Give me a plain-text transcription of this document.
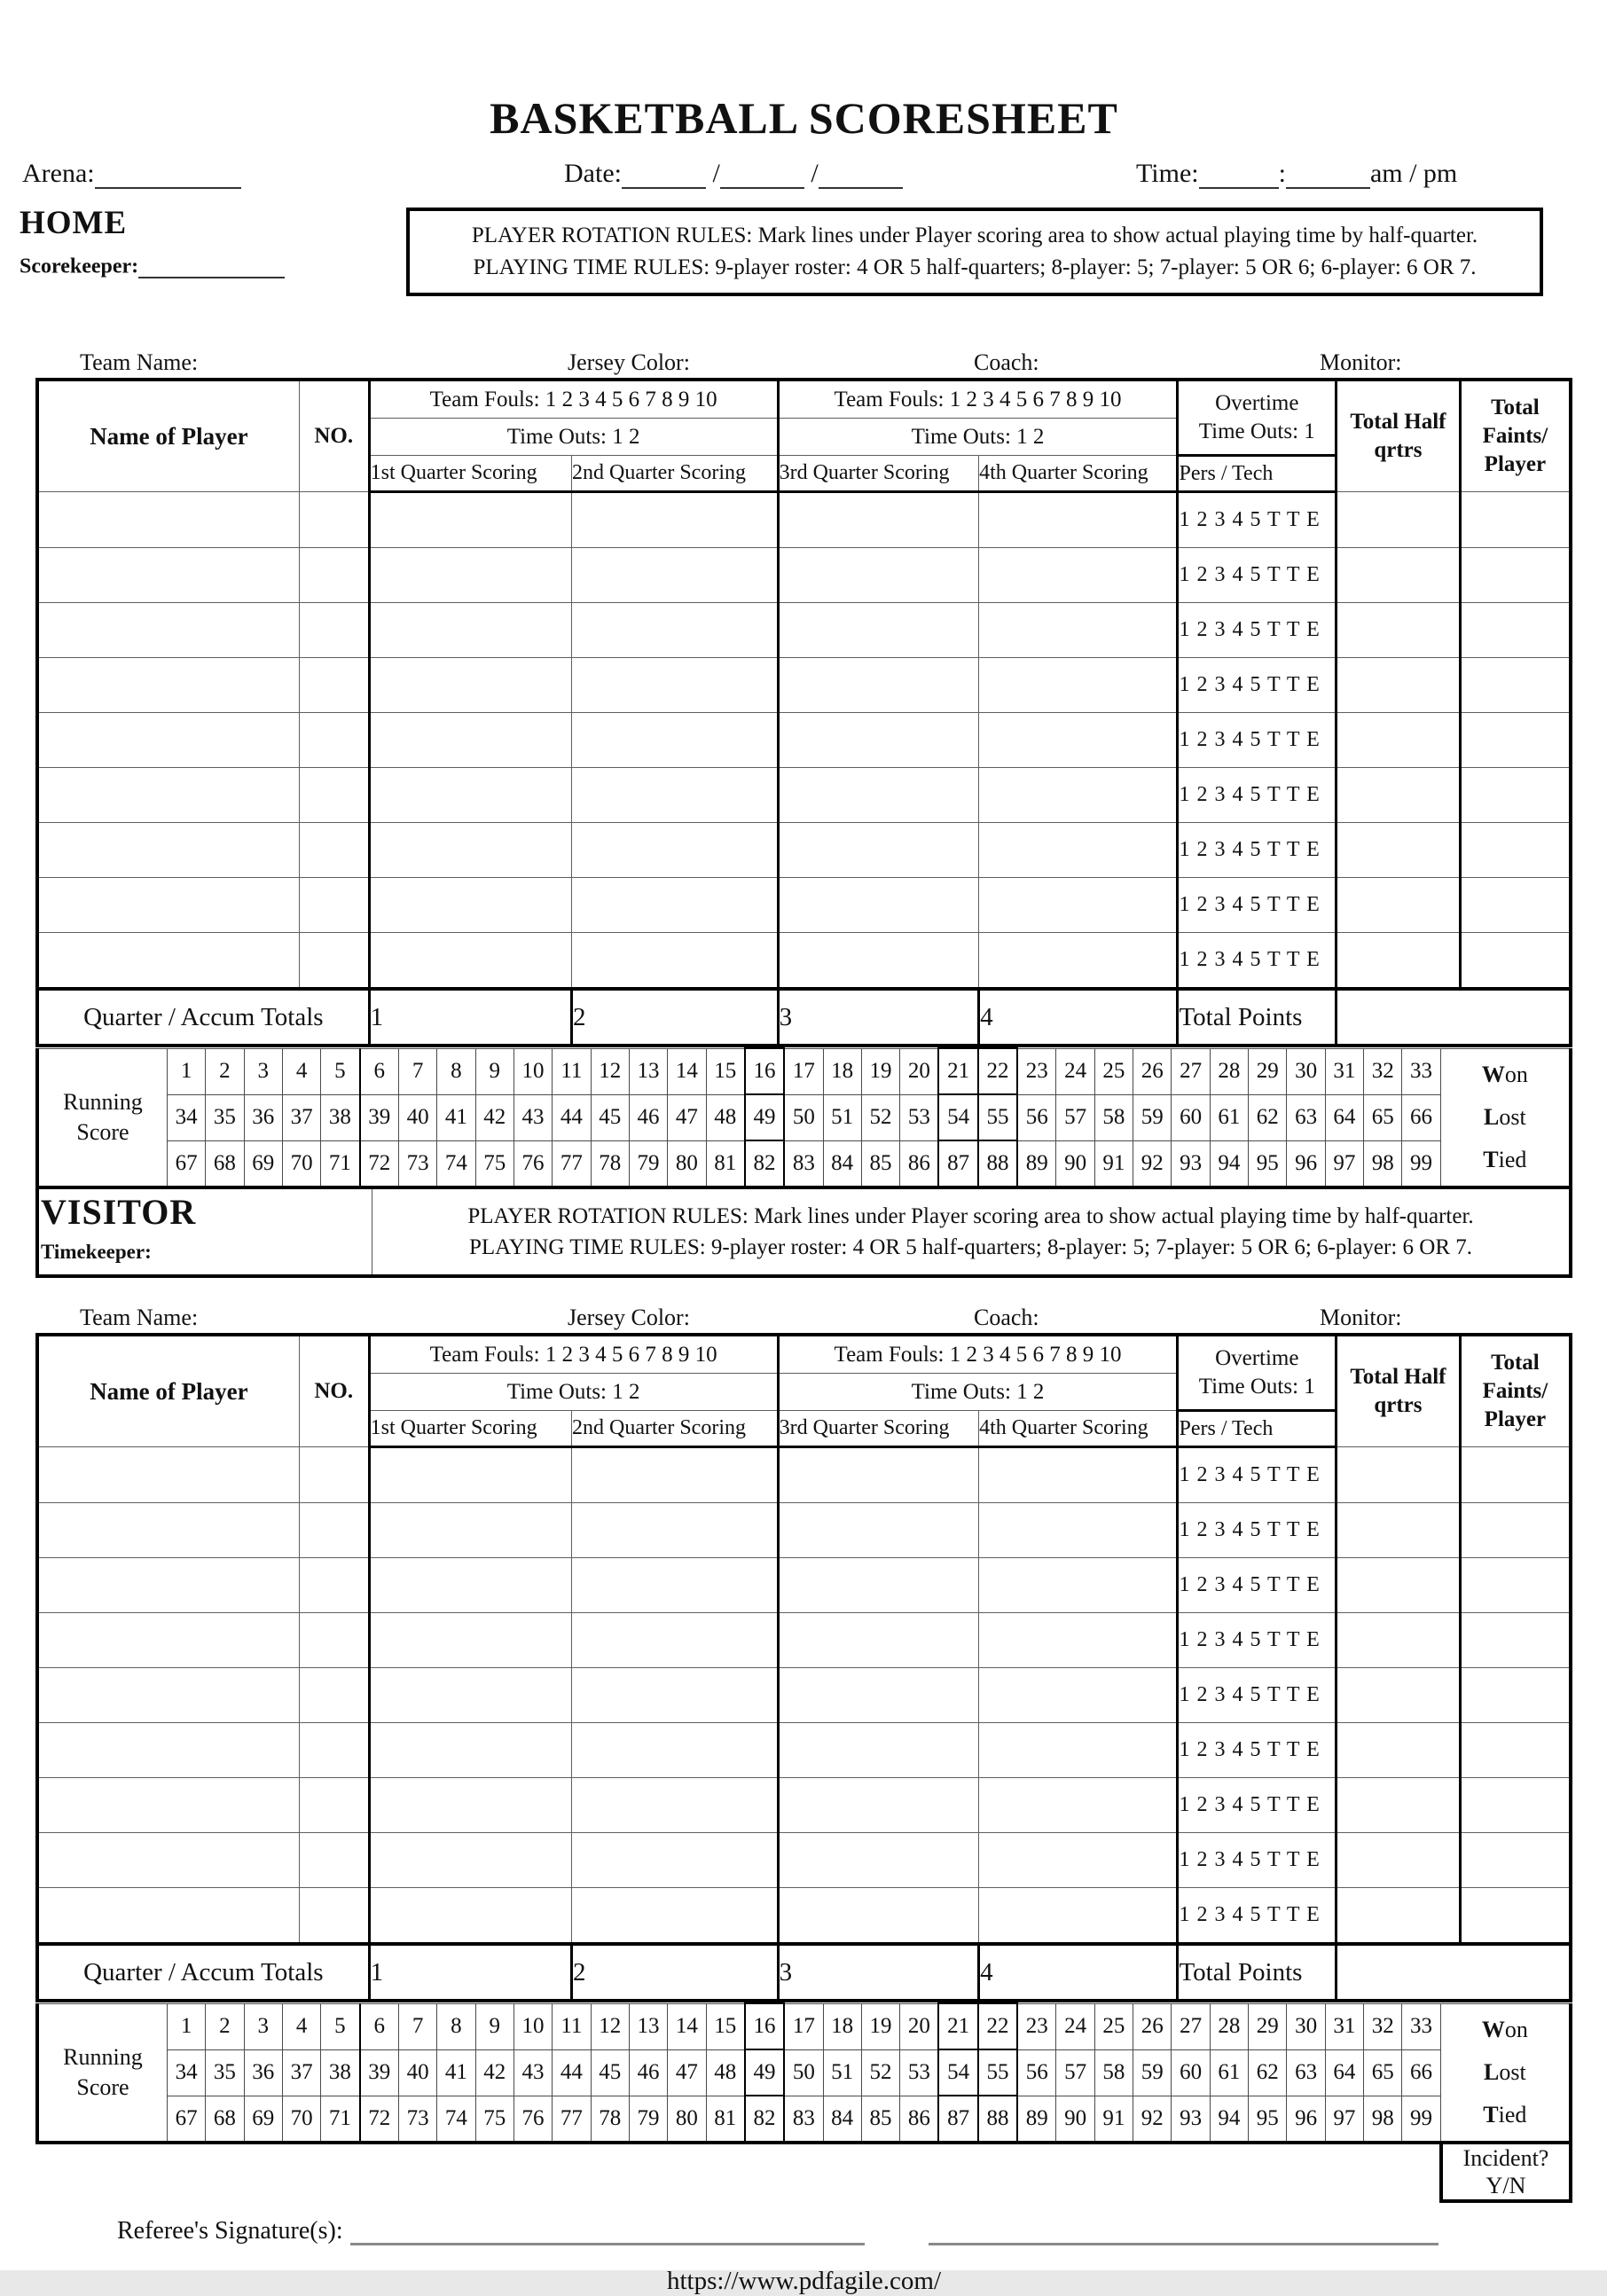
BASKETBALL SCORESHEET
Arena:	Date:	/	/	Time:	:	am / pm
HOME
Scorekeeper:
PLAYER ROTATION RULES: Mark lines under Player scoring area to show actual playing time by half-quarter.
PLAYING TIME RULES: 9-player roster: 4 OR 5 half-quarters; 8-player: 5; 7-player: 5 OR 6; 6-player: 6 OR 7.
Team Name:	Jersey Color:	Coach:	Monitor:
Name of Player	NO.	Team Fouls: 1 2 3 4 5 6 7 8 9 10		Team Fouls: 1 2 3 4 5 6 7 8 9 10		Overtime
Time Outs: 1	Total Half
qrtrs	Total
Faints/
Player

		Time Outs: 1 2		Time Outs: 1 2				
		1st Quarter Scoring	2nd Quarter Scoring	3rd Quarter Scoring	4th Quarter Scoring	Pers / Tech		
						1 2 3 4 5 T T E		
						1 2 3 4 5 T T E		
						1 2 3 4 5 T T E		
						1 2 3 4 5 T T E		
						1 2 3 4 5 T T E		
						1 2 3 4 5 T T E		
						1 2 3 4 5 T T E		
						1 2 3 4 5 T T E		
						1 2 3 4 5 T T E		
Quarter / Accum Totals		1	2	3	4	Total Points		
Running
Score
	1	2	3	4	5	6	7	8	9	10	11	12	13	14	15	16	17	18	19	20	21	22	23	24	25	26	27	28	29	30	31	32	33	Won
Lost
Tied

	34	35	36	37	38	39	40	41	42	43	44	45	46	47	48	49	50	51	52	53	54	55	56	57	58	59	60	61	62	63	64	65	66	
	67	68	69	70	71	72	73	74	75	76	77	78	79	80	81	82	83	84	85	86	87	88	89	90	91	92	93	94	95	96	97	98	99	
VISITOR
Timekeeper:
PLAYER ROTATION RULES: Mark lines under Player scoring area to show actual playing time by half-quarter.
PLAYING TIME RULES: 9-player roster: 4 OR 5 half-quarters; 8-player: 5; 7-player: 5 OR 6; 6-player: 6 OR 7.
Team Name:	Jersey Color:	Coach:	Monitor:
Name of Player	NO.	Team Fouls: 1 2 3 4 5 6 7 8 9 10		Team Fouls: 1 2 3 4 5 6 7 8 9 10		Overtime
Time Outs: 1	Total Half
qrtrs	Total
Faints/
Player

		Time Outs: 1 2		Time Outs: 1 2				
		1st Quarter Scoring	2nd Quarter Scoring	3rd Quarter Scoring	4th Quarter Scoring	Pers / Tech		
						1 2 3 4 5 T T E		
						1 2 3 4 5 T T E		
						1 2 3 4 5 T T E		
						1 2 3 4 5 T T E		
						1 2 3 4 5 T T E		
						1 2 3 4 5 T T E		
						1 2 3 4 5 T T E		
						1 2 3 4 5 T T E		
						1 2 3 4 5 T T E		
Quarter / Accum Totals		1	2	3	4	Total Points		
Running
Score
	1	2	3	4	5	6	7	8	9	10	11	12	13	14	15	16	17	18	19	20	21	22	23	24	25	26	27	28	29	30	31	32	33	Won
Lost
Tied

	34	35	36	37	38	39	40	41	42	43	44	45	46	47	48	49	50	51	52	53	54	55	56	57	58	59	60	61	62	63	64	65	66	
	67	68	69	70	71	72	73	74	75	76	77	78	79	80	81	82	83	84	85	86	87	88	89	90	91	92	93	94	95	96	97	98	99	
Incident?
Y/N
Referee's Signature(s):
https://www.pdfagile.com/
